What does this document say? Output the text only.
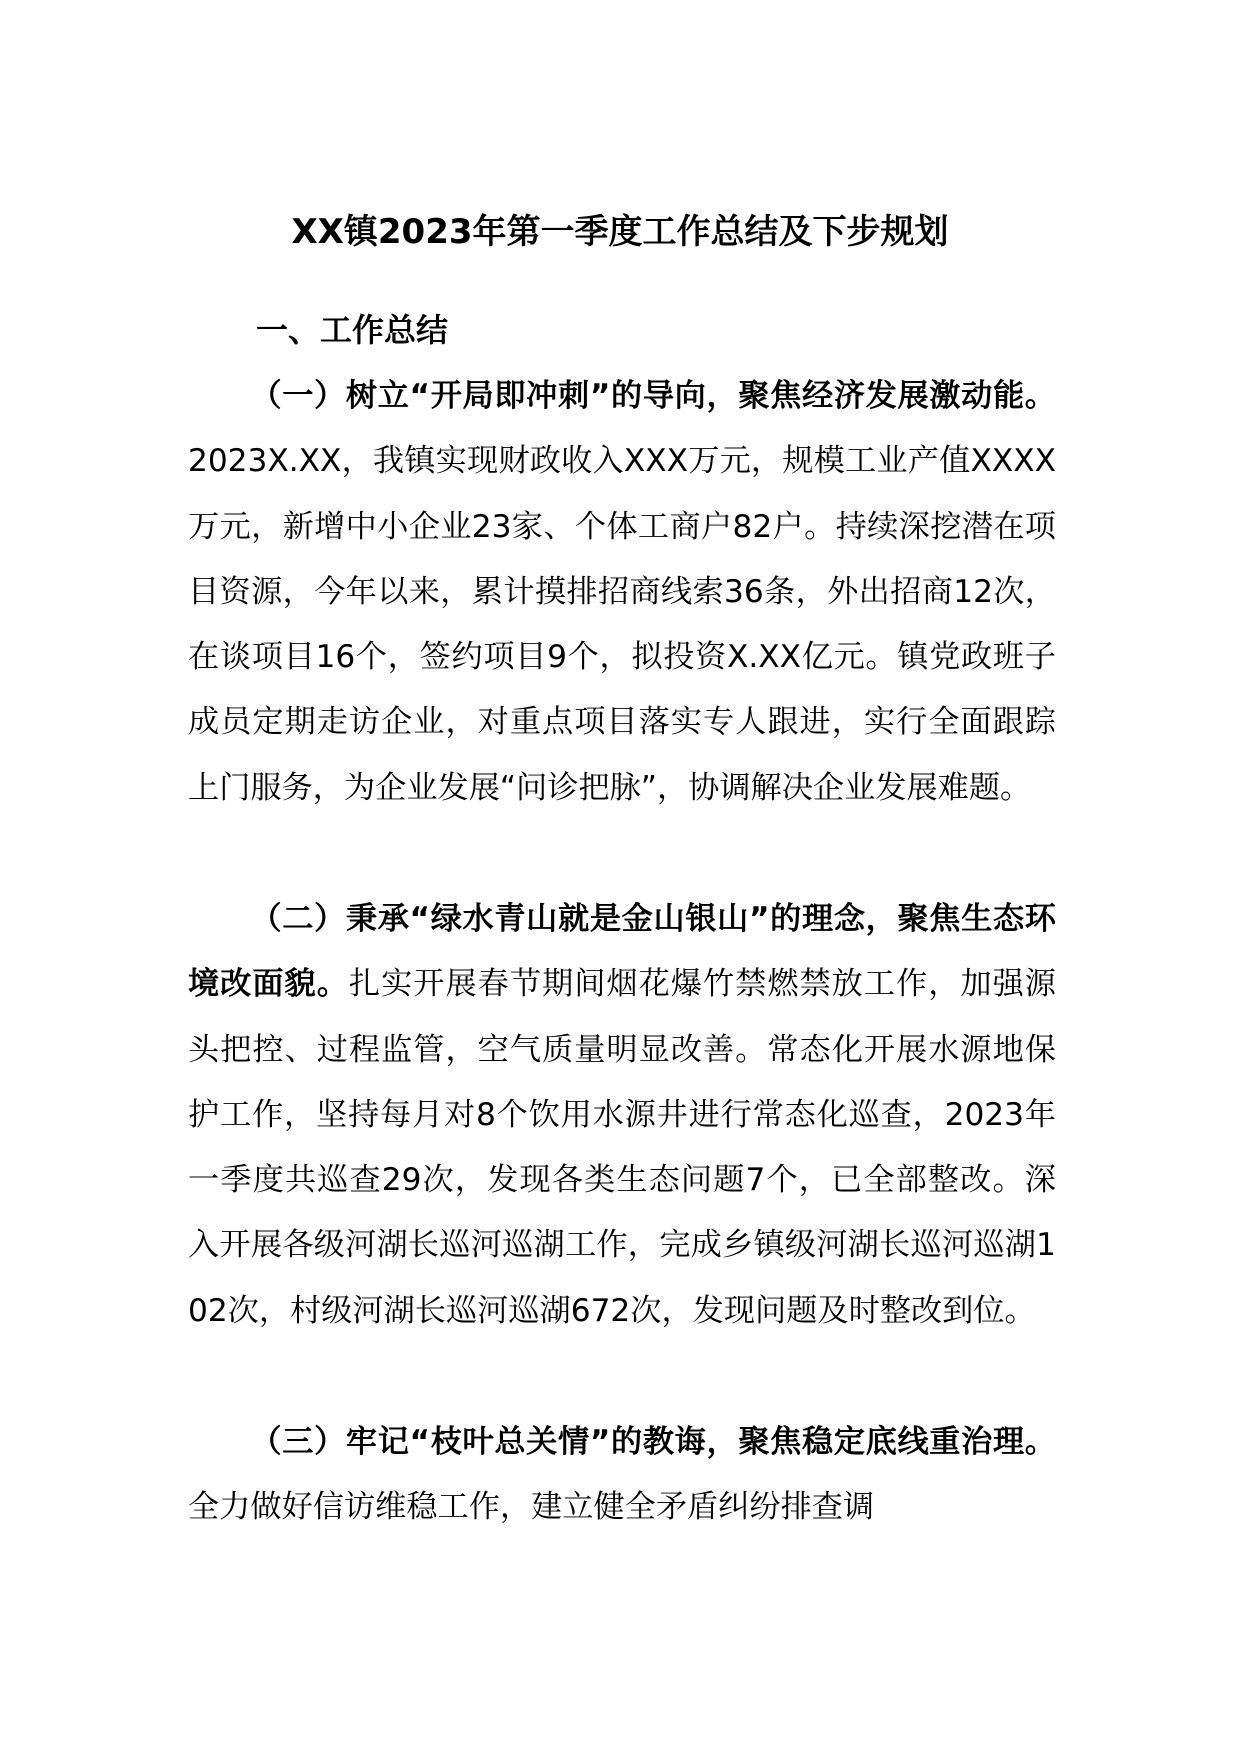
XX镇2023年第一季度工作总结及下步规划
一、工作总结

（一）树立“开局即冲刺”的导向，聚焦经济发展激动能。2023X.XX，我镇实现财政收入XXX万元，规模工业产值XXXX万元，新增中小企业23家、个体工商户82户。持续深挖潜在项目资源，今年以来，累计摸排招商线索36条，外出招商12次，在谈项目16个，签约项目9个，拟投资X.XX亿元。镇党政班子成员定期走访企业，对重点项目落实专人跟进，实行全面跟踪上门服务，为企业发展“问诊把脉”，协调解决企业发展难题。

（二）秉承“绿水青山就是金山银山”的理念，聚焦生态环境改面貌。扎实开展春节期间烟花爆竹禁燃禁放工作，加强源头把控、过程监管，空气质量明显改善。常态化开展水源地保护工作，坚持每月对8个饮用水源井进行常态化巡查，2023年一季度共巡查29次，发现各类生态问题7个，已全部整改。深入开展各级河湖长巡河巡湖工作，完成乡镇级河湖长巡河巡湖102次，村级河湖长巡河巡湖672次，发现问题及时整改到位。

（三）牢记“枝叶总关情”的教诲，聚焦稳定底线重治理。全力做好信访维稳工作，建立健全矛盾纠纷排查调
